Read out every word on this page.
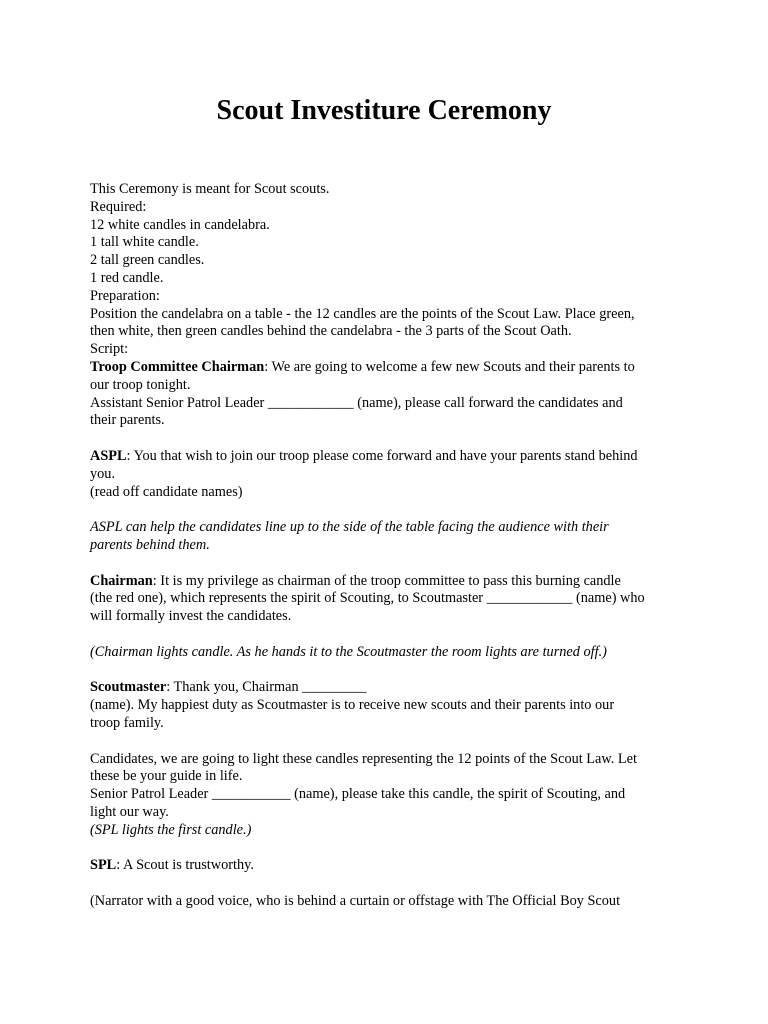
Scout Investiture Ceremony
This Ceremony is meant for Scout scouts.
Required:
12 white candles in candelabra.
1 tall white candle.
2 tall green candles.
1 red candle.
Preparation:
Position the candelabra on a table - the 12 candles are the points of the Scout Law. Place green,
then white, then green candles behind the candelabra - the 3 parts of the Scout Oath.
Script:
Troop Committee Chairman: We are going to welcome a few new Scouts and their parents to
our troop tonight.
Assistant Senior Patrol Leader ____________ (name), please call forward the candidates and
their parents.
ASPL: You that wish to join our troop please come forward and have your parents stand behind
you.
(read off candidate names)
ASPL can help the candidates line up to the side of the table facing the audience with their
parents behind them.
Chairman: It is my privilege as chairman of the troop committee to pass this burning candle
(the red one), which represents the spirit of Scouting, to Scoutmaster ____________ (name) who
will formally invest the candidates.
(Chairman lights candle. As he hands it to the Scoutmaster the room lights are turned off.)
Scoutmaster: Thank you, Chairman _________
(name). My happiest duty as Scoutmaster is to receive new scouts and their parents into our
troop family.
Candidates, we are going to light these candles representing the 12 points of the Scout Law. Let
these be your guide in life.
Senior Patrol Leader ___________ (name), please take this candle, the spirit of Scouting, and
light our way.
(SPL lights the first candle.)
SPL: A Scout is trustworthy.
(Narrator with a good voice, who is behind a curtain or offstage with The Official Boy Scout
